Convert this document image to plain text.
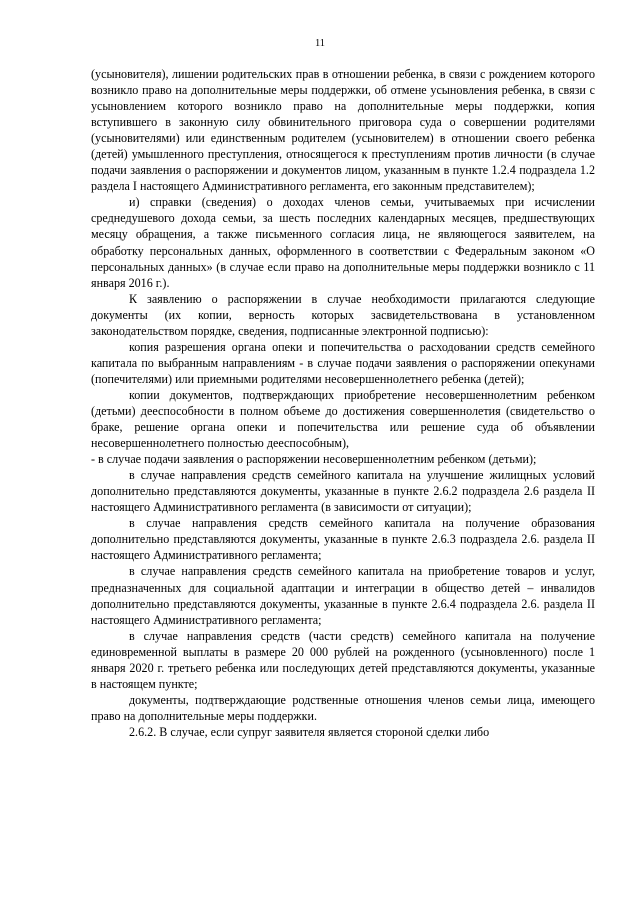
11

(усыновителя), лишении родительских прав в отношении ребенка, в связи с рождением которого возникло право на дополнительные меры поддержки, об отмене усыновления ребенка, в связи с усыновлением которого возникло право на дополнительные меры поддержки, копия вступившего в законную силу обвинительного приговора суда о совершении родителями (усыновителями) или единственным родителем (усыновителем) в отношении своего ребенка (детей) умышленного преступления, относящегося к преступлениям против личности (в случае подачи заявления о распоряжении и документов лицом, указанным в пункте 1.2.4 подраздела 1.2 раздела I настоящего Административного регламента, его законным представителем);

и) справки (сведения) о доходах членов семьи, учитываемых при исчислении среднедушевого дохода семьи, за шесть последних календарных месяцев, предшествующих месяцу обращения, а также письменного согласия лица, не являющегося заявителем, на обработку персональных данных, оформленного в соответствии с Федеральным законом «О персональных данных» (в случае если право на дополнительные меры поддержки возникло с 11 января 2016 г.).

К заявлению о распоряжении в случае необходимости прилагаются следующие документы (их копии, верность которых засвидетельствована в установленном законодательством порядке, сведения, подписанные электронной подписью):

копия разрешения органа опеки и попечительства о расходовании средств семейного капитала по выбранным направлениям - в случае подачи заявления о распоряжении опекунами (попечителями) или приемными родителями несовершеннолетнего ребенка (детей);

копии документов, подтверждающих приобретение несовершеннолетним ребенком (детьми) дееспособности в полном объеме до достижения совершеннолетия (свидетельство о браке, решение органа опеки и попечительства или решение суда об объявлении несовершеннолетнего полностью дееспособным),

- в случае подачи заявления о распоряжении несовершеннолетним ребенком (детьми);

в случае направления средств семейного капитала на улучшение жилищных условий дополнительно представляются документы, указанные в пункте 2.6.2 подраздела 2.6 раздела II настоящего Административного регламента (в зависимости от ситуации);

в случае направления средств семейного капитала на получение образования дополнительно представляются документы, указанные в пункте 2.6.3 подраздела 2.6. раздела II настоящего Административного регламента;

в случае направления средств семейного капитала на приобретение товаров и услуг, предназначенных для социальной адаптации и интеграции в общество детей – инвалидов дополнительно представляются документы, указанные в пункте 2.6.4 подраздела 2.6. раздела II настоящего Административного регламента;

в случае направления средств (части средств) семейного капитала на получение единовременной выплаты в размере 20 000 рублей на рожденного (усыновленного) после 1 января 2020 г. третьего ребенка или последующих детей представляются документы, указанные в настоящем пункте;

документы, подтверждающие родственные отношения членов семьи лица, имеющего право на дополнительные меры поддержки.

2.6.2. В случае, если супруг заявителя является стороной сделки либо
